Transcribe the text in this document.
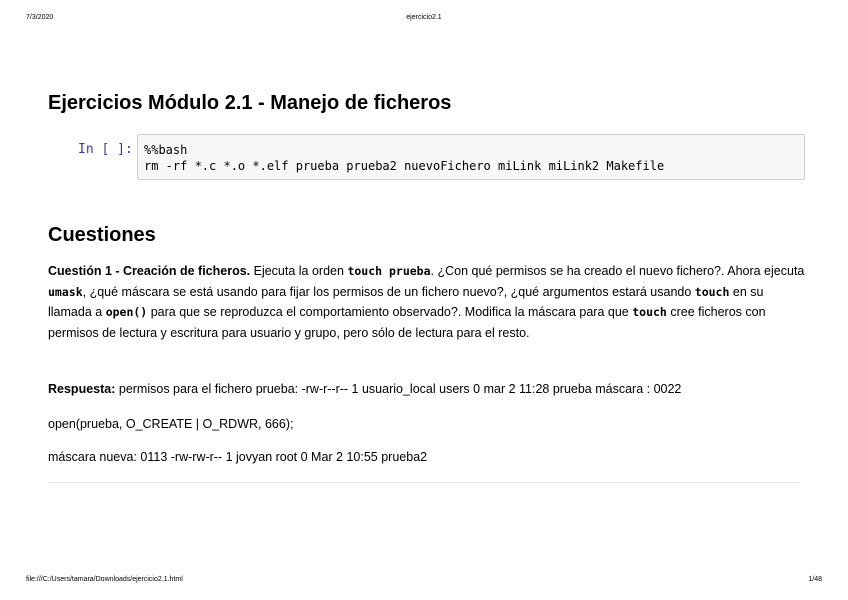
7/3/2020	ejercicio2.1
Ejercicios Módulo 2.1 - Manejo de ficheros
In [ ]: %%bash
rm -rf *.c *.o *.elf prueba prueba2 nuevoFichero miLink miLink2 Makefile
Cuestiones
Cuestión 1 - Creación de ficheros. Ejecuta la orden touch prueba. ¿Con qué permisos se ha creado el nuevo fichero?. Ahora ejecuta umask, ¿qué máscara se está usando para fijar los permisos de un fichero nuevo?, ¿qué argumentos estará usando touch en su llamada a open() para que se reproduzca el comportamiento observado?. Modifica la máscara para que touch cree ficheros con permisos de lectura y escritura para usuario y grupo, pero sólo de lectura para el resto.
Respuesta: permisos para el fichero prueba: -rw-r--r-- 1 usuario_local users 0 mar 2 11:28 prueba máscara : 0022
open(prueba, O_CREATE | O_RDWR, 666);
máscara nueva: 0113 -rw-rw-r-- 1 jovyan root 0 Mar 2 10:55 prueba2
file:///C:/Users/tamara/Downloads/ejercicio2.1.html	1/48
